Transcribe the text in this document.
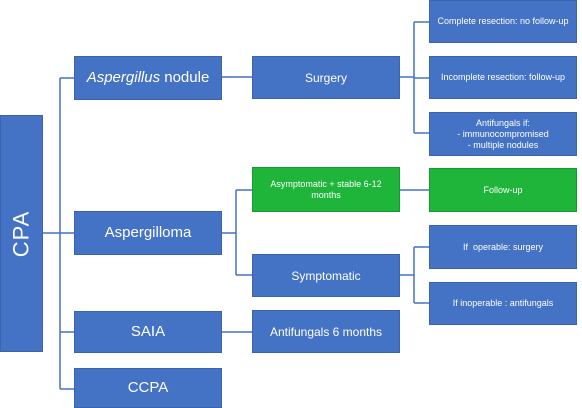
CPA
Aspergillus nodule
Aspergilloma
SAIA
CCPA
Surgery
Asymptomatic + stable 6-12 months
Symptomatic
Antifungals 6 months
Complete resection: no follow-up
Incomplete resection: follow-up
Antifungals if:
- immunocompromised
- multiple nodules
Follow-up
If  operable: surgery
If inoperable : antifungals
